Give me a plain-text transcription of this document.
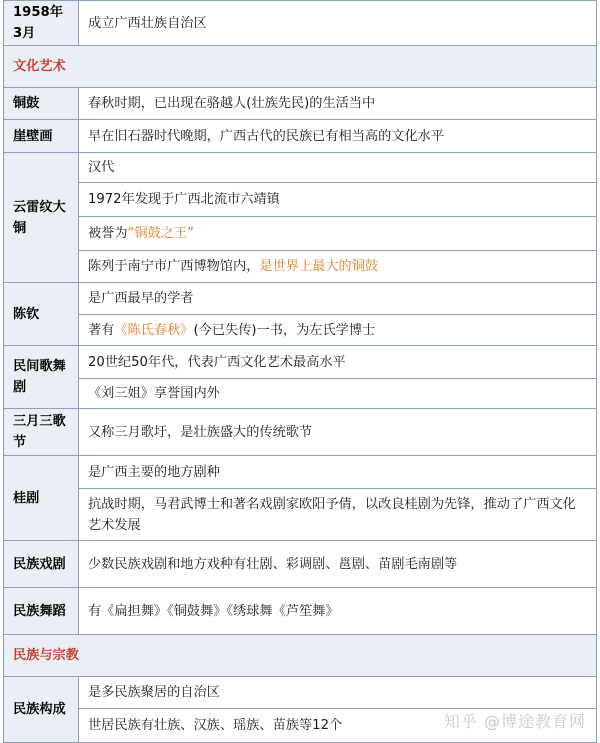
1958年3月	成立广西壮族自治区
文化艺术	
铜鼓	春秋时期，已出现在骆越人(壮族先民)的生活当中
崖壁画	早在旧石器时代晚期，广西古代的民族已有相当高的文化水平
云雷纹大铜	汉代
	1972年发现于广西北流市六靖镇
	被誉为“铜鼓之王”
	陈列于南宁市广西博物馆内，是世界上最大的铜鼓
陈钦	是广西最早的学者
	著有《陈氏春秋》(今已失传)一书，为左氏学博士
民间歌舞剧	20世纪50年代，代表广西文化艺术最高水平
	《刘三姐》享誉国内外
三月三歌节	又称三月歌圩，是壮族盛大的传统歌节
桂剧	是广西主要的地方剧种
	抗战时期，马君武博士和著名戏剧家欧阳予倩，以改良桂剧为先锋，推动了广西文化艺术发展
民族戏剧	少数民族戏剧和地方戏种有壮剧、彩调剧、邕剧、苗剧毛南剧等
民族舞蹈	有《扁担舞》《铜鼓舞》《绣球舞《芦笙舞》
民族与宗教	
民族构成	是多民族聚居的自治区
	世居民族有壮族、汉族、瑶族、苗族等12个	知乎 @博途教育网
